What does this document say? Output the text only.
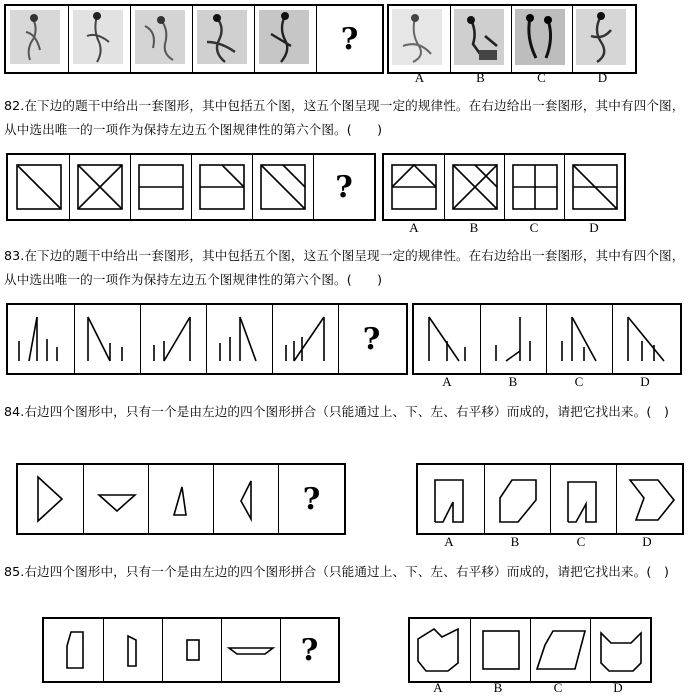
?
A	B	C	D
82.在下边的题干中给出一套图形，其中包括五个图，这五个图呈现一定的规律性。在右边给出一套图形，其中有四个图，从中选出唯一的一项作为保持左边五个图规律性的第六个图。(　　)
?
A	B	C	D
83.在下边的题干中给出一套图形，其中包括五个图，这五个图呈现一定的规律性。在右边给出一套图形，其中有四个图，从中选出唯一的一项作为保持左边五个图规律性的第六个图。(　　)
?
A	B	C	D
84.右边四个图形中，只有一个是由左边的四个图形拼合（只能通过上、下、左、右平移）而成的，请把它找出来。(　)
?
A	B	C	D
85.右边四个图形中，只有一个是由左边的四个图形拼合（只能通过上、下、左、右平移）而成的，请把它找出来。(　)
?
A	B	C	D
